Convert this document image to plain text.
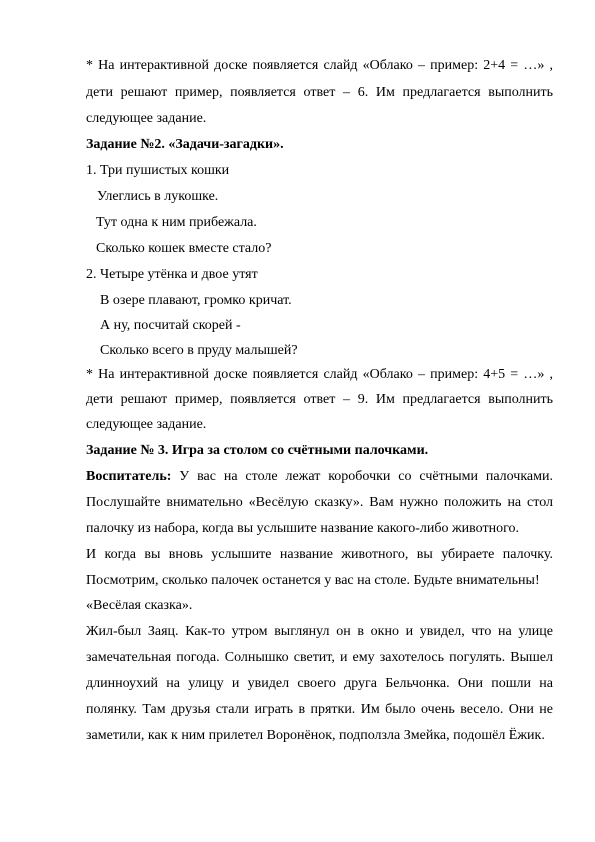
* На интерактивной доске появляется слайд «Облако – пример: 2+4 = …» ,
дети решают пример, появляется ответ – 6. Им предлагается выполнить
следующее задание.
Задание №2. «Задачи-загадки».
1. Три пушистых кошки
Улеглись в лукошке.
Тут одна к ним прибежала.
Сколько кошек вместе стало?
2. Четыре утёнка и двое утят
В озере плавают, громко кричат.
А ну, посчитай скорей -
Сколько всего в пруду малышей?
* На интерактивной доске появляется слайд «Облако – пример: 4+5 = …» ,
дети решают пример, появляется ответ – 9. Им предлагается выполнить
следующее задание.
Задание № 3. Игра за столом со счётными палочками.
Воспитатель: У вас на столе лежат коробочки со счётными палочками.
Послушайте внимательно «Весёлую сказку». Вам нужно положить на стол
палочку из набора, когда вы услышите название какого-либо животного.
И когда вы вновь услышите название животного, вы убираете палочку.
Посмотрим, сколько палочек останется у вас на столе. Будьте внимательны!
«Весёлая сказка».
Жил-был Заяц. Как-то утром выглянул он в окно и увидел, что на улице
замечательная погода. Солнышко светит, и ему захотелось погулять. Вышел
длинноухий на улицу и увидел своего друга Бельчонка. Они пошли на
полянку. Там друзья стали играть в прятки. Им было очень весело. Они не
заметили, как к ним прилетел Воронёнок, подползла Змейка, подошёл Ёжик.
